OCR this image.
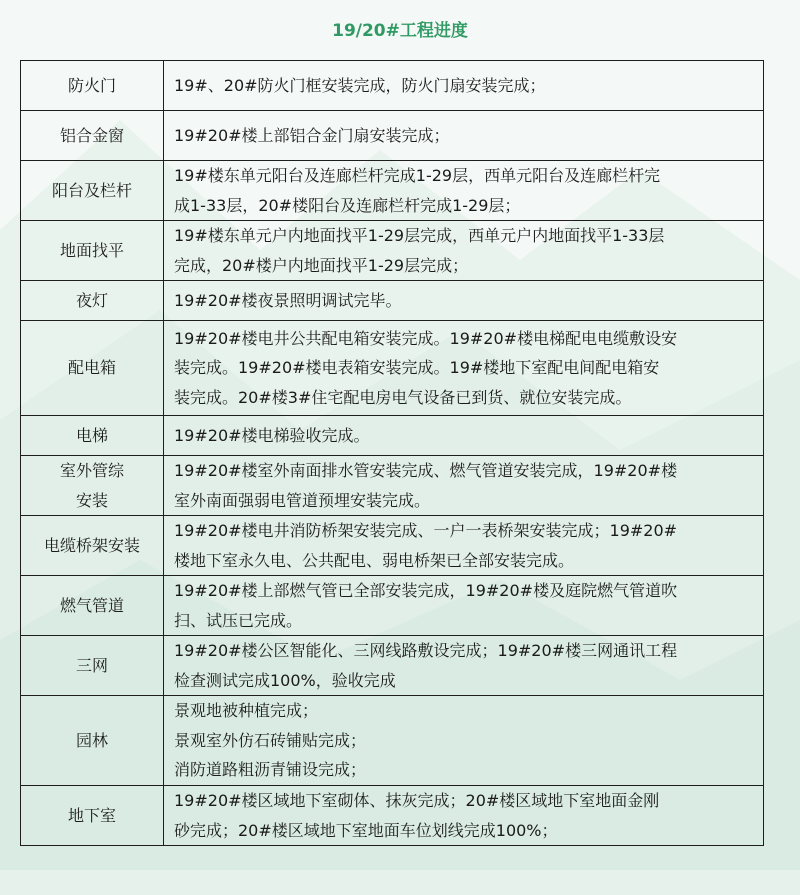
19/20#工程进度
防火门	19#、20#防火门框安装完成，防火门扇安装完成；

铝合金窗	19#20#楼上部铝合金门扇安装完成；

阳台及栏杆	19#楼东单元阳台及连廊栏杆完成1-29层，西单元阳台及连廊栏杆完
成1-33层，20#楼阳台及连廊栏杆完成1-29层；

地面找平	19#楼东单元户内地面找平1-29层完成，西单元户内地面找平1-33层
完成，20#楼户内地面找平1-29层完成；

夜灯	19#20#楼夜景照明调试完毕。

配电箱	19#20#楼电井公共配电箱安装完成。19#20#楼电梯配电电缆敷设安
装完成。19#20#楼电表箱安装完成。19#楼地下室配电间配电箱安
装完成。20#楼3#住宅配电房电气设备已到货、就位安装完成。

电梯	19#20#楼电梯验收完成。

室外管综
安装	19#20#楼室外南面排水管安装完成、燃气管道安装完成，19#20#楼
室外南面强弱电管道预埋安装完成。

电缆桥架安装	19#20#楼电井消防桥架安装完成、一户一表桥架安装完成；19#20#
楼地下室永久电、公共配电、弱电桥架已全部安装完成。

燃气管道	19#20#楼上部燃气管已全部安装完成，19#20#楼及庭院燃气管道吹
扫、试压已完成。

三网	19#20#楼公区智能化、三网线路敷设完成；19#20#楼三网通讯工程
检查测试完成100%，验收完成

园林	景观地被种植完成；
景观室外仿石砖铺贴完成；
消防道路粗沥青铺设完成；

地下室	19#20#楼区域地下室砌体、抹灰完成；20#楼区域地下室地面金刚
砂完成；20#楼区域地下室地面车位划线完成100%；
